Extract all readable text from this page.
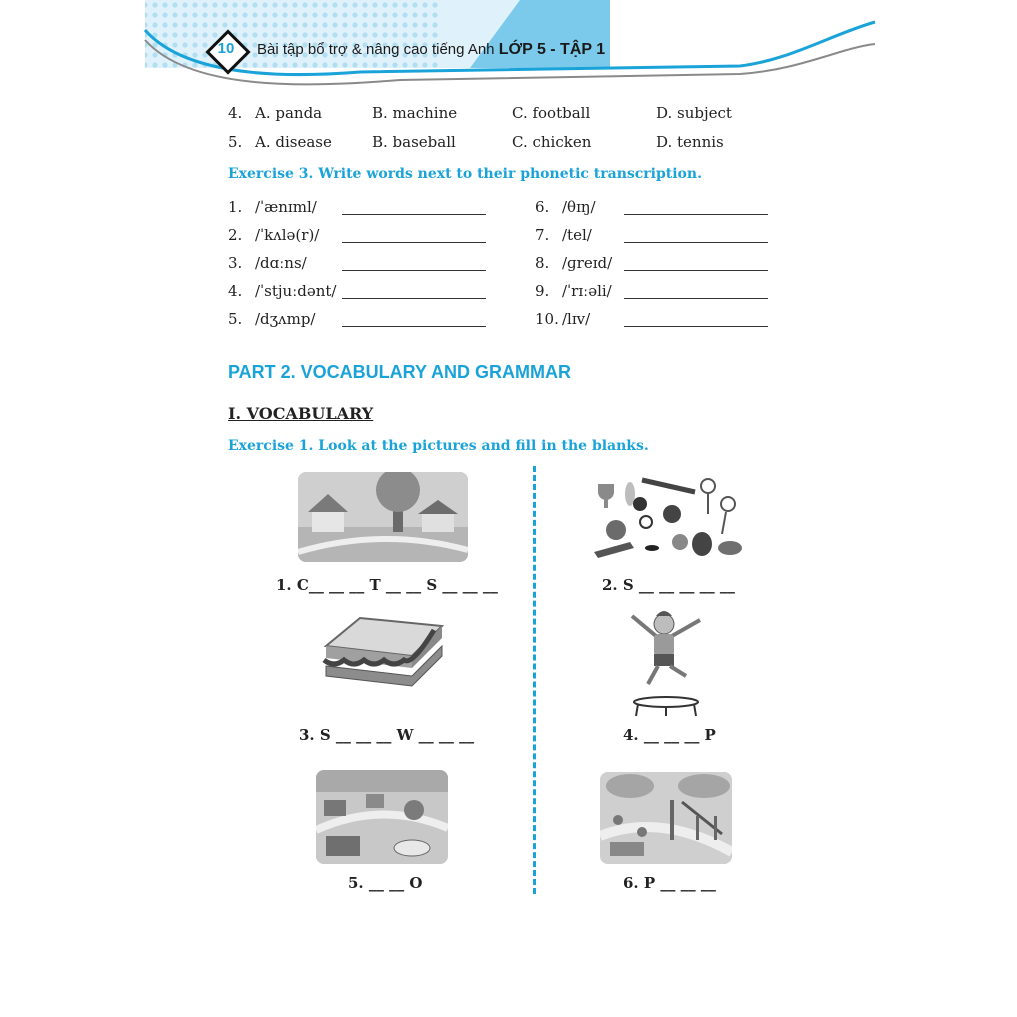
10	Bài tập bổ trợ & nâng cao tiếng Anh LỚP 5 - TẬP 1
4. A. panda	B. machine	C. football	D. subject
5. A. disease	B. baseball	C. chicken	D. tennis
Exercise 3. Write words next to their phonetic transcription.
1. /ˈænɪml/
2. /ˈkʌlə(r)/
3. /dɑːns/
4. /ˈstjuːdənt/
5. /dʒʌmp/
6. /θɪŋ/
7. /tel/
8. /ɡreɪd/
9. /ˈrɪːəli/
10. /lɪv/
PART 2. VOCABULARY AND GRAMMAR
I. VOCABULARY
Exercise 1. Look at the pictures and fill in the blanks.
1. C__ __ __ T __ __ S __ __ __	2. S __ __ __ __ __
3. S __ __ __ W __ __ __	4. __ __ __ P
5. __ __ O	6. P __ __ __
